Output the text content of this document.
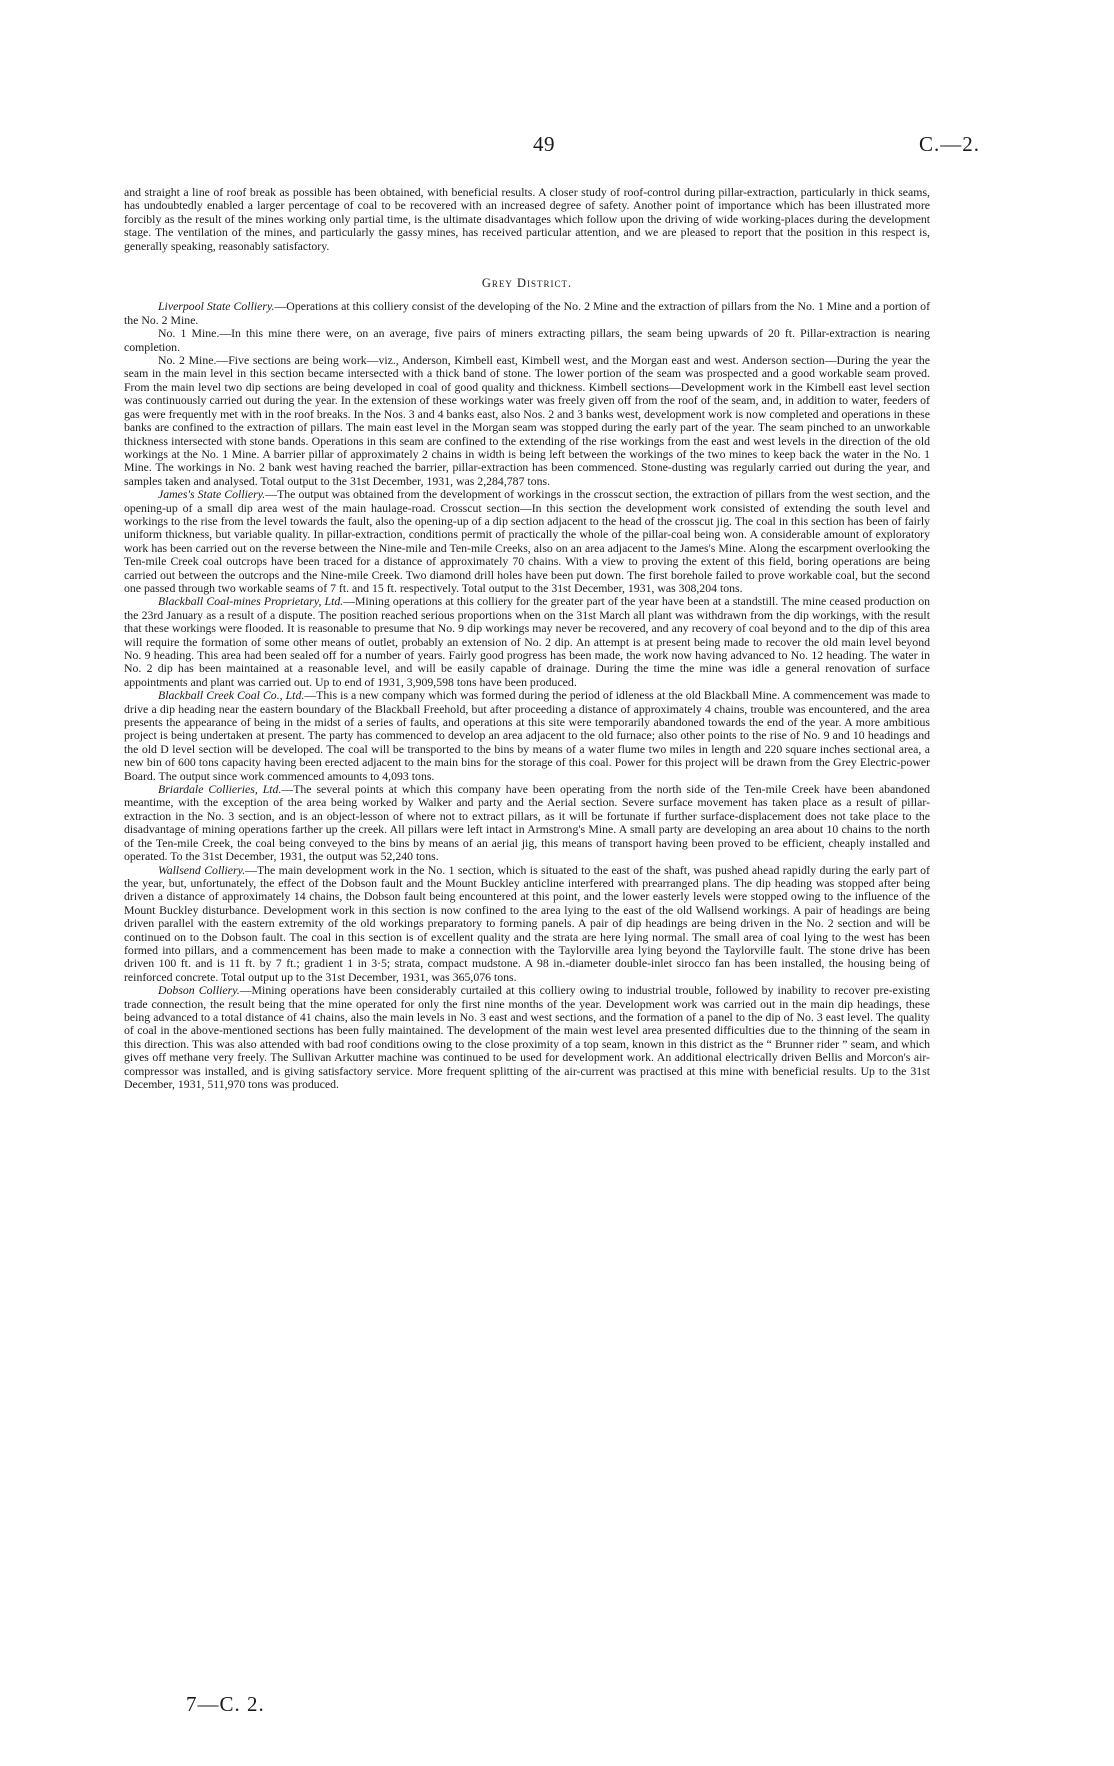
49	C.—2.

and straight a line of roof break as possible has been obtained, with beneficial results. A closer study of roof-control during pillar-extraction, particularly in thick seams, has undoubtedly enabled a larger percentage of coal to be recovered with an increased degree of safety. Another point of importance which has been illustrated more forcibly as the result of the mines working only partial time, is the ultimate disadvantages which follow upon the driving of wide working-places during the development stage. The ventilation of the mines, and particularly the gassy mines, has received particular attention, and we are pleased to report that the position in this respect is, generally speaking, reasonably satisfactory.

Grey District.

Liverpool State Colliery.—Operations at this colliery consist of the developing of the No. 2 Mine and the extraction of pillars from the No. 1 Mine and a portion of the No. 2 Mine.

No. 1 Mine.—In this mine there were, on an average, five pairs of miners extracting pillars, the seam being upwards of 20 ft. Pillar-extraction is nearing completion.

No. 2 Mine.—Five sections are being work—viz., Anderson, Kimbell east, Kimbell west, and the Morgan east and west. Anderson section—During the year the seam in the main level in this section became intersected with a thick band of stone. The lower portion of the seam was prospected and a good workable seam proved. From the main level two dip sections are being developed in coal of good quality and thickness. Kimbell sections—Development work in the Kimbell east level section was continuously carried out during the year. In the extension of these workings water was freely given off from the roof of the seam, and, in addition to water, feeders of gas were frequently met with in the roof breaks. In the Nos. 3 and 4 banks east, also Nos. 2 and 3 banks west, development work is now completed and operations in these banks are confined to the extraction of pillars. The main east level in the Morgan seam was stopped during the early part of the year. The seam pinched to an unworkable thickness intersected with stone bands. Operations in this seam are confined to the extending of the rise workings from the east and west levels in the direction of the old workings at the No. 1 Mine. A barrier pillar of approximately 2 chains in width is being left between the workings of the two mines to keep back the water in the No. 1 Mine. The workings in No. 2 bank west having reached the barrier, pillar-extraction has been commenced. Stone-dusting was regularly carried out during the year, and samples taken and analysed. Total output to the 31st December, 1931, was 2,284,787 tons.

James's State Colliery.—The output was obtained from the development of workings in the crosscut section, the extraction of pillars from the west section, and the opening-up of a small dip area west of the main haulage-road. Crosscut section—In this section the development work consisted of extending the south level and workings to the rise from the level towards the fault, also the opening-up of a dip section adjacent to the head of the crosscut jig. The coal in this section has been of fairly uniform thickness, but variable quality. In pillar-extraction, conditions permit of practically the whole of the pillar-coal being won. A considerable amount of exploratory work has been carried out on the reverse between the Nine-mile and Ten-mile Creeks, also on an area adjacent to the James's Mine. Along the escarpment overlooking the Ten-mile Creek coal outcrops have been traced for a distance of approximately 70 chains. With a view to proving the extent of this field, boring operations are being carried out between the outcrops and the Nine-mile Creek. Two diamond drill holes have been put down. The first borehole failed to prove workable coal, but the second one passed through two workable seams of 7 ft. and 15 ft. respectively. Total output to the 31st December, 1931, was 308,204 tons.

Blackball Coal-mines Proprietary, Ltd.—Mining operations at this colliery for the greater part of the year have been at a standstill. The mine ceased production on the 23rd January as a result of a dispute. The position reached serious proportions when on the 31st March all plant was withdrawn from the dip workings, with the result that these workings were flooded. It is reasonable to presume that No. 9 dip workings may never be recovered, and any recovery of coal beyond and to the dip of this area will require the formation of some other means of outlet, probably an extension of No. 2 dip. An attempt is at present being made to recover the old main level beyond No. 9 heading. This area had been sealed off for a number of years. Fairly good progress has been made, the work now having advanced to No. 12 heading. The water in No. 2 dip has been maintained at a reasonable level, and will be easily capable of drainage. During the time the mine was idle a general renovation of surface appointments and plant was carried out. Up to end of 1931, 3,909,598 tons have been produced.

Blackball Creek Coal Co., Ltd.—This is a new company which was formed during the period of idleness at the old Blackball Mine. A commencement was made to drive a dip heading near the eastern boundary of the Blackball Freehold, but after proceeding a distance of approximately 4 chains, trouble was encountered, and the area presents the appearance of being in the midst of a series of faults, and operations at this site were temporarily abandoned towards the end of the year. A more ambitious project is being undertaken at present. The party has commenced to develop an area adjacent to the old furnace; also other points to the rise of No. 9 and 10 headings and the old D level section will be developed. The coal will be transported to the bins by means of a water flume two miles in length and 220 square inches sectional area, a new bin of 600 tons capacity having been erected adjacent to the main bins for the storage of this coal. Power for this project will be drawn from the Grey Electric-power Board. The output since work commenced amounts to 4,093 tons.

Briardale Collieries, Ltd.—The several points at which this company have been operating from the north side of the Ten-mile Creek have been abandoned meantime, with the exception of the area being worked by Walker and party and the Aerial section. Severe surface movement has taken place as a result of pillar-extraction in the No. 3 section, and is an object-lesson of where not to extract pillars, as it will be fortunate if further surface-displacement does not take place to the disadvantage of mining operations farther up the creek. All pillars were left intact in Armstrong's Mine. A small party are developing an area about 10 chains to the north of the Ten-mile Creek, the coal being conveyed to the bins by means of an aerial jig, this means of transport having been proved to be efficient, cheaply installed and operated. To the 31st December, 1931, the output was 52,240 tons.

Wallsend Colliery.—The main development work in the No. 1 section, which is situated to the east of the shaft, was pushed ahead rapidly during the early part of the year, but, unfortunately, the effect of the Dobson fault and the Mount Buckley anticline interfered with prearranged plans. The dip heading was stopped after being driven a distance of approximately 14 chains, the Dobson fault being encountered at this point, and the lower easterly levels were stopped owing to the influence of the Mount Buckley disturbance. Development work in this section is now confined to the area lying to the east of the old Wallsend workings. A pair of headings are being driven parallel with the eastern extremity of the old workings preparatory to forming panels. A pair of dip headings are being driven in the No. 2 section and will be continued on to the Dobson fault. The coal in this section is of excellent quality and the strata are here lying normal. The small area of coal lying to the west has been formed into pillars, and a commencement has been made to make a connection with the Taylorville area lying beyond the Taylorville fault. The stone drive has been driven 100 ft. and is 11 ft. by 7 ft.; gradient 1 in 3·5; strata, compact mudstone. A 98 in.-diameter double-inlet sirocco fan has been installed, the housing being of reinforced concrete. Total output up to the 31st December, 1931, was 365,076 tons.

Dobson Colliery.—Mining operations have been considerably curtailed at this colliery owing to industrial trouble, followed by inability to recover pre-existing trade connection, the result being that the mine operated for only the first nine months of the year. Development work was carried out in the main dip headings, these being advanced to a total distance of 41 chains, also the main levels in No. 3 east and west sections, and the formation of a panel to the dip of No. 3 east level. The quality of coal in the above-mentioned sections has been fully maintained. The development of the main west level area presented difficulties due to the thinning of the seam in this direction. This was also attended with bad roof conditions owing to the close proximity of a top seam, known in this district as the “ Brunner rider ” seam, and which gives off methane very freely. The Sullivan Arkutter machine was continued to be used for development work. An additional electrically driven Bellis and Morcon's air-compressor was installed, and is giving satisfactory service. More frequent splitting of the air-current was practised at this mine with beneficial results. Up to the 31st December, 1931, 511,970 tons was produced.

7—C. 2.
